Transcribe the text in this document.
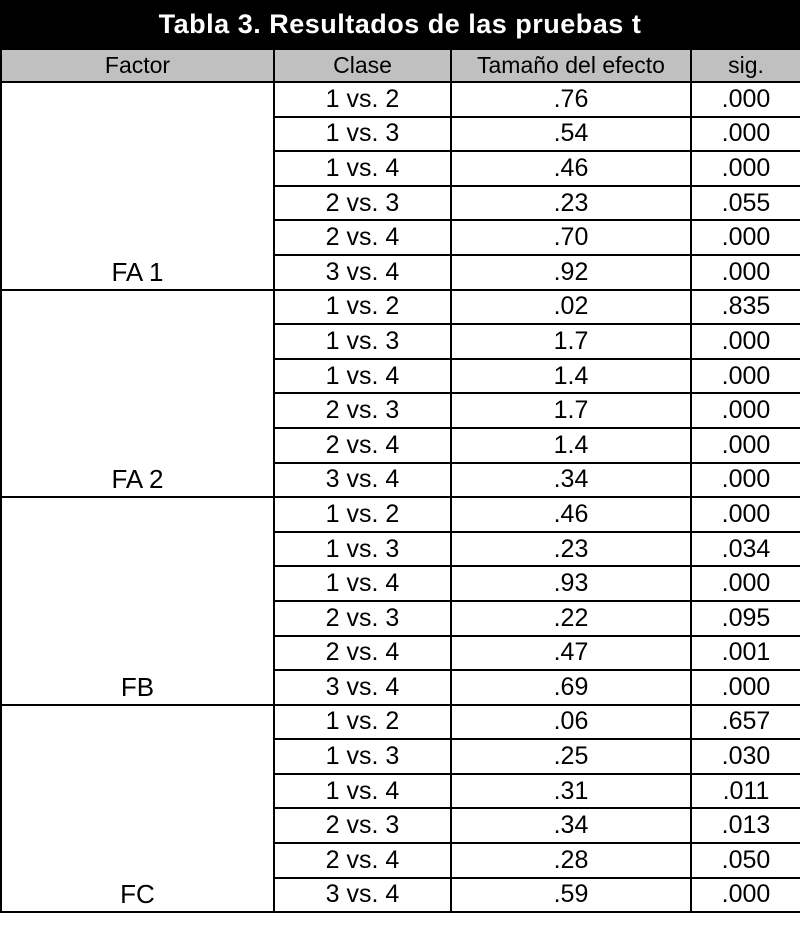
Tabla 3. Resultados de las pruebas t
Factor	Clase	Tamaño del efecto	sig.
FA 1	1 vs. 2	.76	.000
	1 vs. 3	.54	.000
	1 vs. 4	.46	.000
	2 vs. 3	.23	.055
	2 vs. 4	.70	.000
	3 vs. 4	.92	.000
FA 2	1 vs. 2	.02	.835
	1 vs. 3	1.7	.000
	1 vs. 4	1.4	.000
	2 vs. 3	1.7	.000
	2 vs. 4	1.4	.000
	3 vs. 4	.34	.000
FB	1 vs. 2	.46	.000
	1 vs. 3	.23	.034
	1 vs. 4	.93	.000
	2 vs. 3	.22	.095
	2 vs. 4	.47	.001
	3 vs. 4	.69	.000
FC	1 vs. 2	.06	.657
	1 vs. 3	.25	.030
	1 vs. 4	.31	.011
	2 vs. 3	.34	.013
	2 vs. 4	.28	.050
	3 vs. 4	.59	.000
